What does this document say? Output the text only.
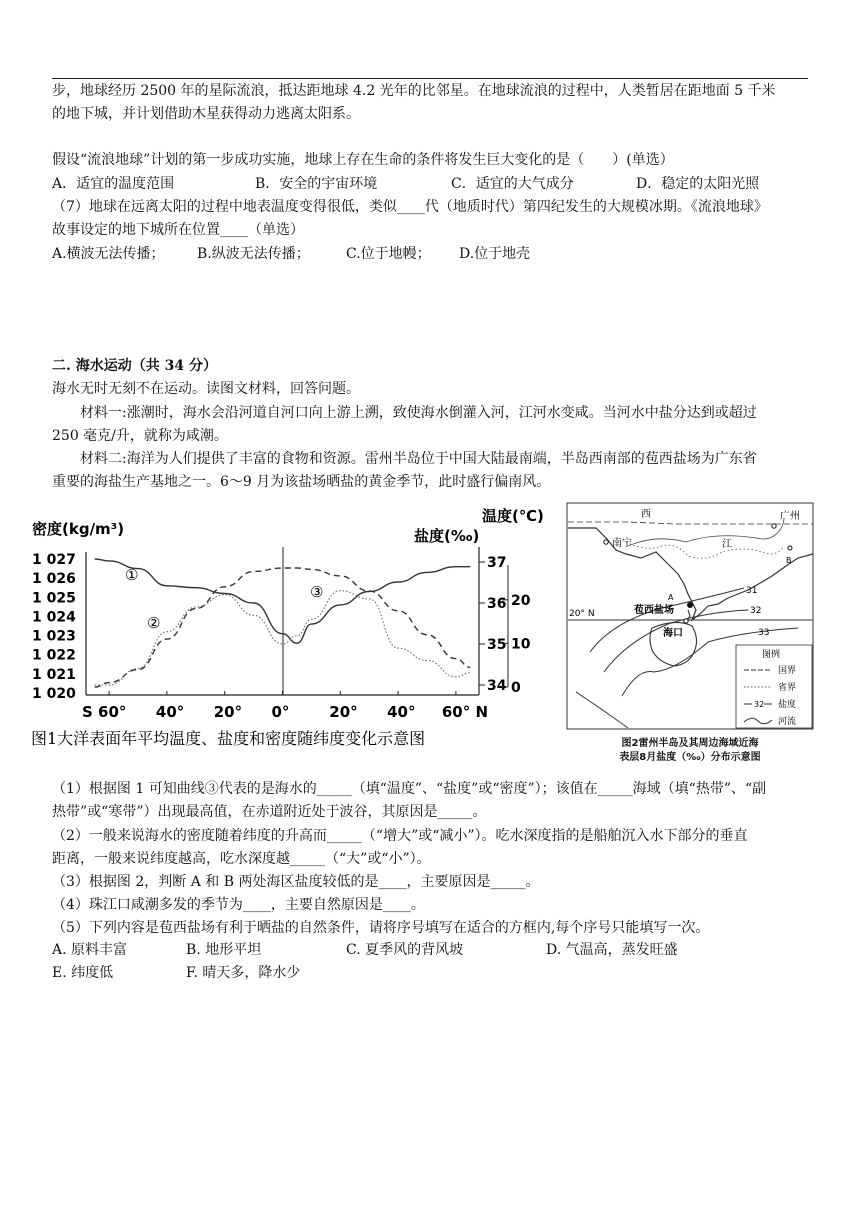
步，地球经历 2500 年的星际流浪，抵达距地球 4.2 光年的比邻星。在地球流浪的过程中，人类暂居在距地面 5 千米
的地下城，并计划借助木星获得动力逃离太阳系。
假设“流浪地球”计划的第一步成功实施，地球上存在生命的条件将发生巨大变化的是（　　）(单选）
A．适宜的温度范围	B．安全的宇宙环境	C．适宜的大气成分	D．稳定的太阳光照
（7）地球在远离太阳的过程中地表温度变得很低，类似____代（地质时代）第四纪发生的大规模冰期。《流浪地球》
故事设定的地下城所在位置____（单选）
A.横波无法传播； B.纵波无法传播；	C.位于地幔； D.位于地壳
二. 海水运动（共 34 分）
海水无时无刻不在运动。读图文材料，回答问题。
材料一:涨潮时，海水会沿河道自河口向上游上溯，致使海水倒灌入河，江河水变咸。当河水中盐分达到或超过
250 毫克/升，就称为咸潮。
材料二:海洋为人们提供了丰富的食物和资源。雷州半岛位于中国大陆最南端，半岛西南部的苞西盐场为广东省
重要的海盐生产基地之一。6～9 月为该盐场晒盐的黄金季节，此时盛行偏南风。
密度(kg/m³)	盐度(‰)
温度(℃)
1 027
1 026
1 025
1 024
1 023
1 022
1 021
1 020
37
36
35
34
20
10
0
S 60° 40° 20° 0°	20° 40° 60° N
①
②
③
图1大洋表面年平均温度、盐度和密度随纬度变化示意图
西	广州
南宁	江
A
B
20° N	苞西盐场
海口
31
32
33
图例
国界
省界
32 盐度
河流
图2雷州半岛及其周边海域近海
表层8月盐度（‰）分布示意图
（1）根据图 1 可知曲线③代表的是海水的_____（填“温度”、“盐度”或“密度”）；该值在_____海域（填“热带”、“副
热带”或“寒带”）出现最高值，在赤道附近处于波谷，其原因是_____。
（2）一般来说海水的密度随着纬度的升高而_____（“增大”或“减小”）。吃水深度指的是船舶沉入水下部分的垂直
距离，一般来说纬度越高，吃水深度越_____（“大”或“小”）。
（3）根据图 2，判断 A 和 B 两处海区盐度较低的是____，主要原因是_____。
（4）珠江口咸潮多发的季节为____，主要自然原因是____。
（5）下列内容是苞西盐场有利于晒盐的自然条件，请将序号填写在适合的方框内,每个序号只能填写一次。
A. 原料丰富	B. 地形平坦	C. 夏季风的背风坡	D. 气温高，蒸发旺盛
E. 纬度低	F. 晴天多，降水少
